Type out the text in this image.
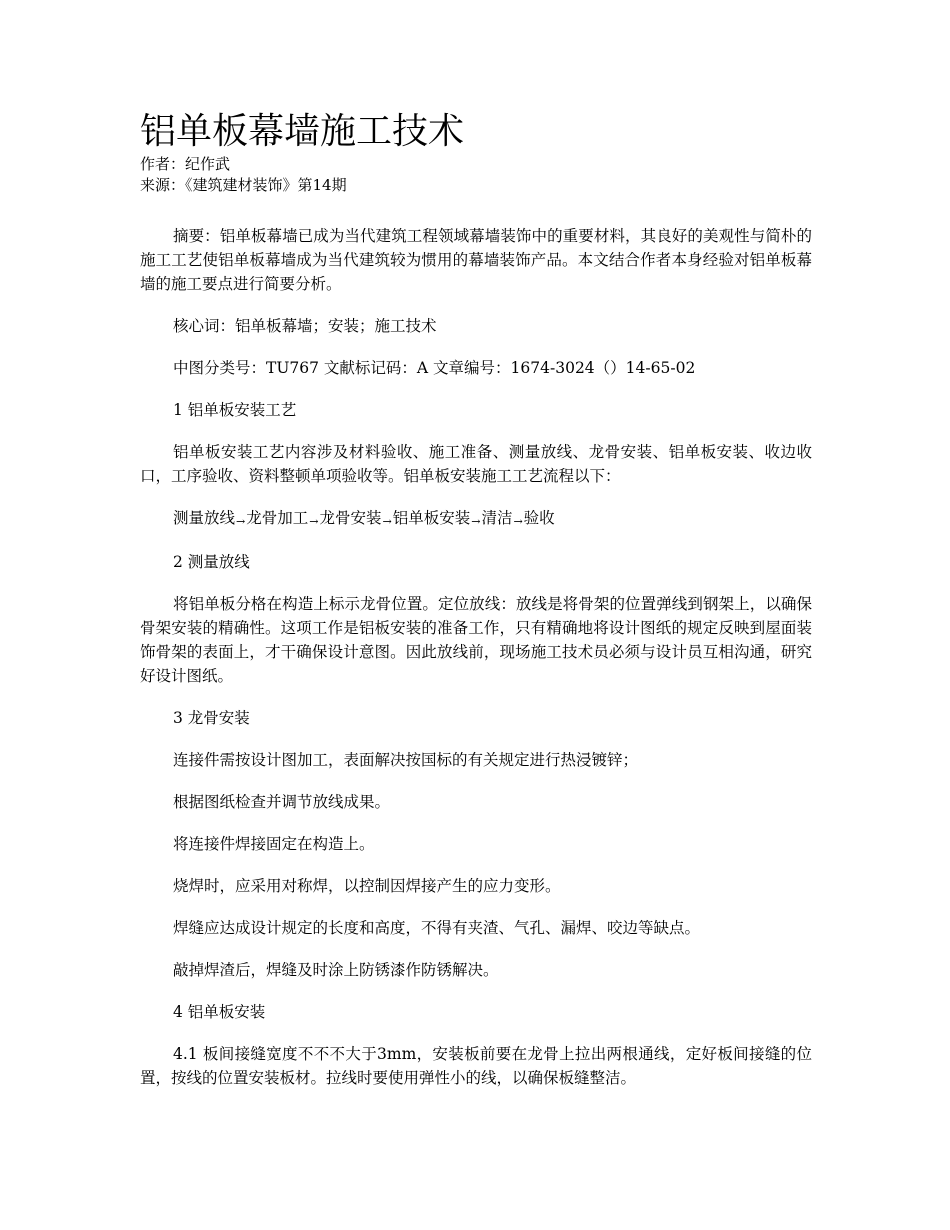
铝单板幕墙施工技术

作者：纪作武

来源：《建筑建材装饰》第14期

摘要：铝单板幕墙已成为当代建筑工程领域幕墙装饰中的重要材料，其良好的美观性与简朴的施工工艺使铝单板幕墙成为当代建筑较为惯用的幕墙装饰产品。本文结合作者本身经验对铝单板幕墙的施工要点进行简要分析。

核心词：铝单板幕墙；安装；施工技术

中图分类号：TU767 文献标记码：A 文章编号：1674-3024（）14-65-02

1 铝单板安装工艺

铝单板安装工艺内容涉及材料验收、施工准备、测量放线、龙骨安装、铝单板安装、收边收口，工序验收、资料整顿单项验收等。铝单板安装施工工艺流程以下：

测量放线→龙骨加工→龙骨安装→铝单板安装→清洁→验收

2 测量放线

将铝单板分格在构造上标示龙骨位置。定位放线：放线是将骨架的位置弹线到钢架上，以确保骨架安装的精确性。这项工作是铝板安装的准备工作，只有精确地将设计图纸的规定反映到屋面装饰骨架的表面上，才干确保设计意图。因此放线前，现场施工技术员必须与设计员互相沟通，研究好设计图纸。

3 龙骨安装

连接件需按设计图加工，表面解决按国标的有关规定进行热浸镀锌；

根据图纸检查并调节放线成果。

将连接件焊接固定在构造上。

烧焊时，应采用对称焊，以控制因焊接产生的应力变形。

焊缝应达成设计规定的长度和高度，不得有夹渣、气孔、漏焊、咬边等缺点。

敲掉焊渣后，焊缝及时涂上防锈漆作防锈解决。

4 铝单板安装

4.1 板间接缝宽度不不不大于3mm，安装板前要在龙骨上拉出两根通线，定好板间接缝的位置，按线的位置安装板材。拉线时要使用弹性小的线，以确保板缝整洁。
